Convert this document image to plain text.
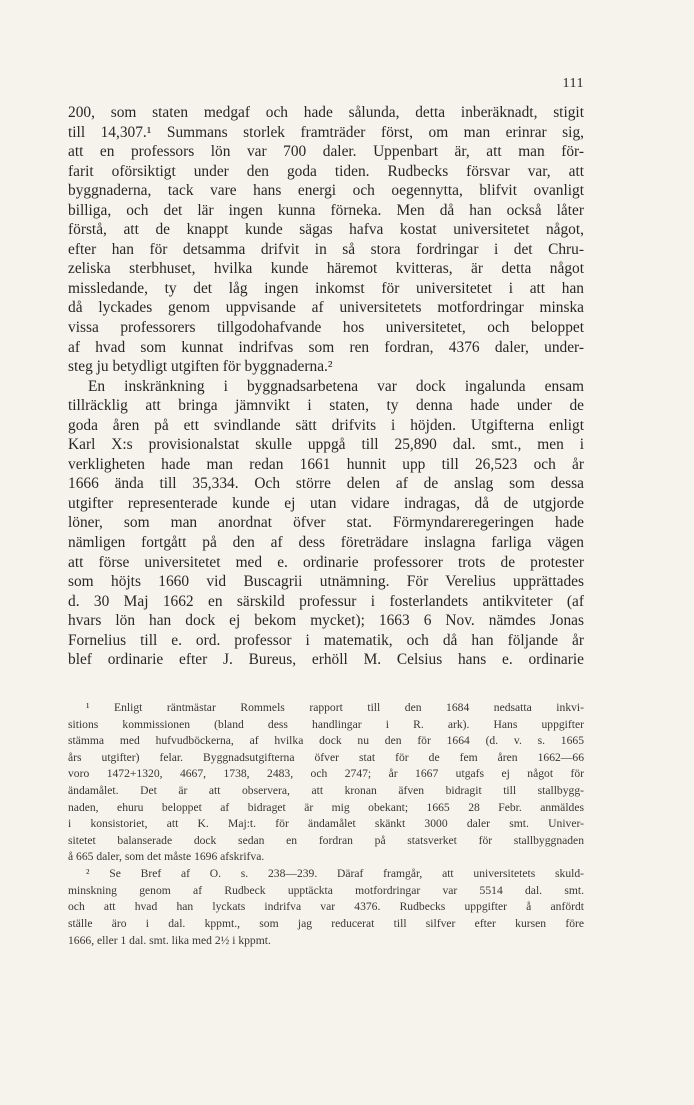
111
200, som staten medgaf och hade sålunda, detta inberäknadt, stigit
till 14,307.¹ Summans storlek framträder först, om man erinrar sig,
att en professors lön var 700 daler. Uppenbart är, att man för-
farit oförsiktigt under den goda tiden. Rudbecks försvar var, att
byggnaderna, tack vare hans energi och oegennytta, blifvit ovanligt
billiga, och det lär ingen kunna förneka. Men då han också låter
förstå, att de knappt kunde sägas hafva kostat universitetet något,
efter han för detsamma drifvit in så stora fordringar i det Chru-
zeliska sterbhuset, hvilka kunde häremot kvitteras, är detta något
missledande, ty det låg ingen inkomst för universitetet i att han
då lyckades genom uppvisande af universitetets motfordringar minska
vissa professorers tillgodohafvande hos universitetet, och beloppet
af hvad som kunnat indrifvas som ren fordran, 4376 daler, under-
steg ju betydligt utgiften för byggnaderna.²
En inskränkning i byggnadsarbetena var dock ingalunda ensam
tillräcklig att bringa jämnvikt i staten, ty denna hade under de
goda åren på ett svindlande sätt drifvits i höjden. Utgifterna enligt
Karl X:s provisionalstat skulle uppgå till 25,890 dal. smt., men i
verkligheten hade man redan 1661 hunnit upp till 26,523 och år
1666 ända till 35,334. Och större delen af de anslag som dessa
utgifter representerade kunde ej utan vidare indragas, då de utgjorde
löner, som man anordnat öfver stat. Förmyndareregeringen hade
nämligen fortgått på den af dess företrädare inslagna farliga vägen
att förse universitetet med e. ordinarie professorer trots de protester
som höjts 1660 vid Buscagrii utnämning. För Verelius upprättades
d. 30 Maj 1662 en särskild professur i fosterlandets antikviteter (af
hvars lön han dock ej bekom mycket); 1663 6 Nov. nämdes Jonas
Fornelius till e. ord. professor i matematik, och då han följande år
blef ordinarie efter J. Bureus, erhöll M. Celsius hans e. ordinarie
¹ Enligt räntmästar Rommels rapport till den 1684 nedsatta inkvi-
sitions kommissionen (bland dess handlingar i R. ark). Hans uppgifter
stämma med hufvudböckerna, af hvilka dock nu den för 1664 (d. v. s. 1665
års utgifter) felar. Byggnadsutgifterna öfver stat för de fem åren 1662—66
voro 1472+1320, 4667, 1738, 2483, och 2747; år 1667 utgafs ej något för
ändamålet. Det är att observera, att kronan äfven bidragit till stallbygg-
naden, ehuru beloppet af bidraget är mig obekant; 1665 28 Febr. anmäldes
i konsistoriet, att K. Maj:t. för ändamålet skänkt 3000 daler smt. Univer-
sitetet balanserade dock sedan en fordran på statsverket för stallbyggnaden
å 665 daler, som det måste 1696 afskrifva.
² Se Bref af O. s. 238—239. Däraf framgår, att universitetets skuld-
minskning genom af Rudbeck upptäckta motfordringar var 5514 dal. smt.
och att hvad han lyckats indrifva var 4376. Rudbecks uppgifter å anfördt
ställe äro i dal. kppmt., som jag reducerat till silfver efter kursen före
1666, eller 1 dal. smt. lika med 2½ i kppmt.
